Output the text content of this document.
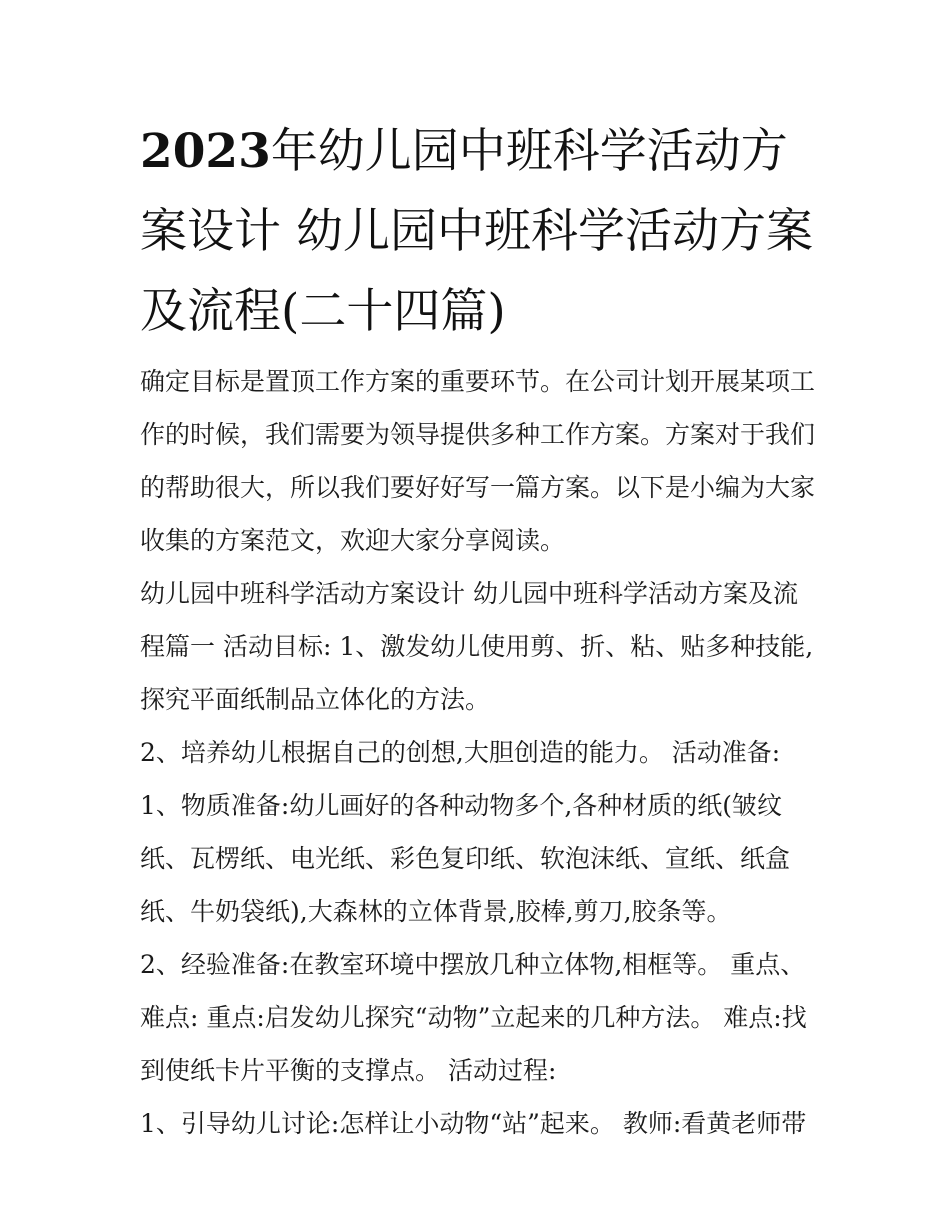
2023年幼儿园中班科学活动方案设计 幼儿园中班科学活动方案及流程(二十四篇)

确定目标是置顶工作方案的重要环节。在公司计划开展某项工作的时候，我们需要为领导提供多种工作方案。方案对于我们的帮助很大，所以我们要好好写一篇方案。以下是小编为大家收集的方案范文，欢迎大家分享阅读。

幼儿园中班科学活动方案设计 幼儿园中班科学活动方案及流程篇一 活动目标: 1、激发幼儿使用剪、折、粘、贴多种技能,探究平面纸制品立体化的方法。

2、培养幼儿根据自己的创想,大胆创造的能力。 活动准备:

1、物质准备:幼儿画好的各种动物多个,各种材质的纸(皱纹纸、瓦楞纸、电光纸、彩色复印纸、软泡沫纸、宣纸、纸盒纸、牛奶袋纸),大森林的立体背景,胶棒,剪刀,胶条等。

2、经验准备:在教室环境中摆放几种立体物,相框等。 重点、难点: 重点:启发幼儿探究“动物”立起来的几种方法。 难点:找到使纸卡片平衡的支撑点。 活动过程:

1、引导幼儿讨论:怎样让小动物“站”起来。 教师:看黄老师带
